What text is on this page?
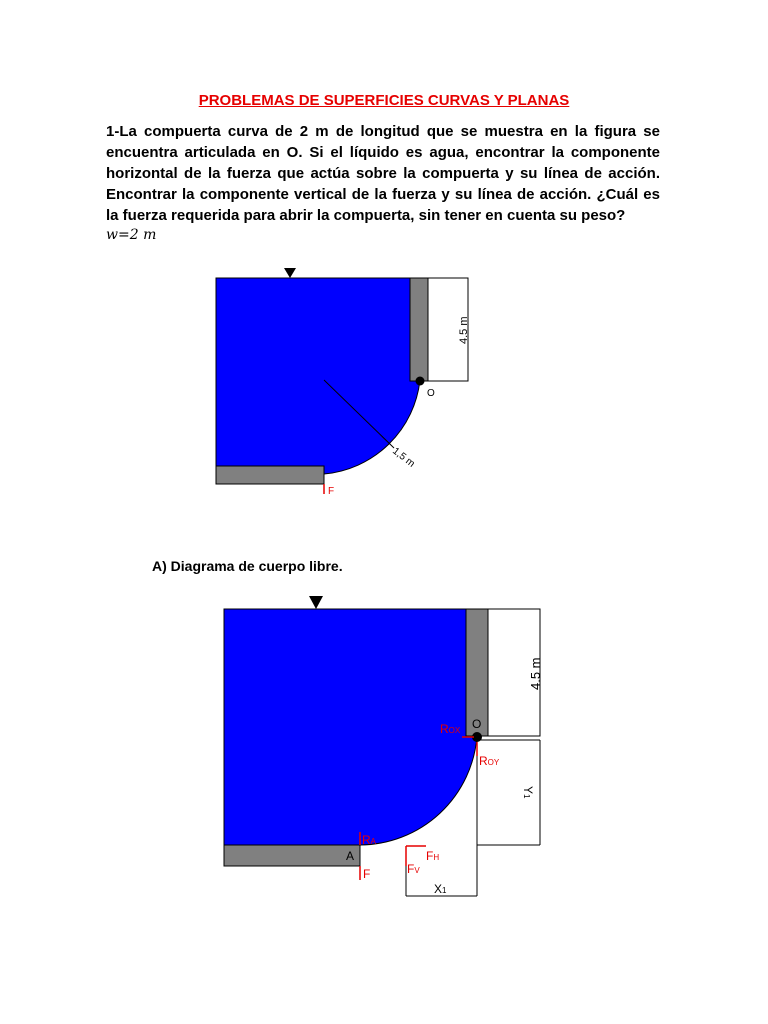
PROBLEMAS DE SUPERFICIES CURVAS Y PLANAS

1-La compuerta curva de 2 m de longitud que se muestra en la figura se encuentra articulada en O. Si el líquido es agua, encontrar la componente horizontal de la fuerza que actúa sobre la compuerta y su línea de acción. Encontrar la componente vertical de la fuerza y su línea de acción. ¿Cuál es la fuerza requerida para abrir la compuerta, sin tener en cuenta su peso?

w=2 m
A) Diagrama de cuerpo libre.
4.5 m
1,5 m
O
F
4.5 m
Y1
X1
O
ROX
ROY
RA
A
F
FH
FV
